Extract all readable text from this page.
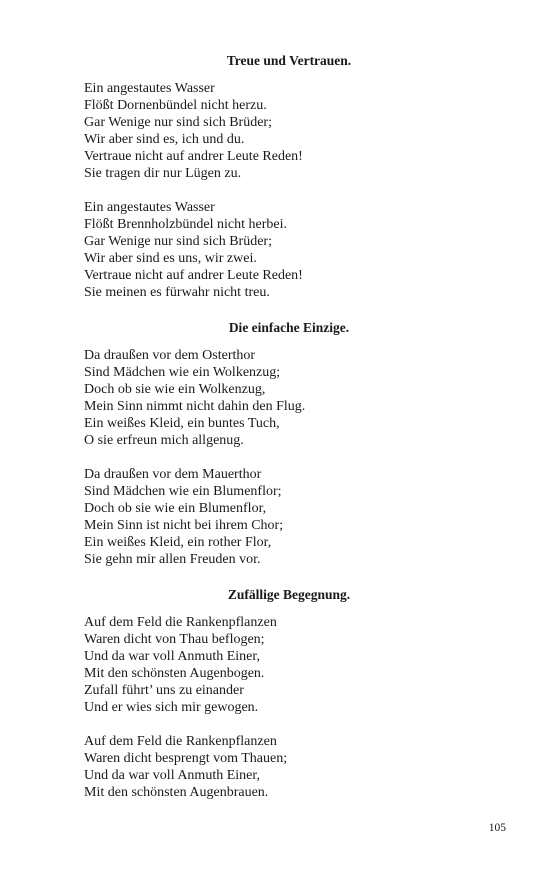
Treue und Vertrauen.
Ein angestautes Wasser
Flößt Dornenbündel nicht herzu.
Gar Wenige nur sind sich Brüder;
Wir aber sind es, ich und du.
Vertraue nicht auf andrer Leute Reden!
Sie tragen dir nur Lügen zu.
Ein angestautes Wasser
Flößt Brennholzbündel nicht herbei.
Gar Wenige nur sind sich Brüder;
Wir aber sind es uns, wir zwei.
Vertraue nicht auf andrer Leute Reden!
Sie meinen es fürwahr nicht treu.
Die einfache Einzige.
Da draußen vor dem Osterthor
Sind Mädchen wie ein Wolkenzug;
Doch ob sie wie ein Wolkenzug,
Mein Sinn nimmt nicht dahin den Flug.
Ein weißes Kleid, ein buntes Tuch,
O sie erfreun mich allgenug.
Da draußen vor dem Mauerthor
Sind Mädchen wie ein Blumenflor;
Doch ob sie wie ein Blumenflor,
Mein Sinn ist nicht bei ihrem Chor;
Ein weißes Kleid, ein rother Flor,
Sie gehn mir allen Freuden vor.
Zufällige Begegnung.
Auf dem Feld die Rankenpflanzen
Waren dicht von Thau beflogen;
Und da war voll Anmuth Einer,
Mit den schönsten Augenbogen.
Zufall führt’ uns zu einander
Und er wies sich mir gewogen.
Auf dem Feld die Rankenpflanzen
Waren dicht besprengt vom Thauen;
Und da war voll Anmuth Einer,
Mit den schönsten Augenbrauen.
105
